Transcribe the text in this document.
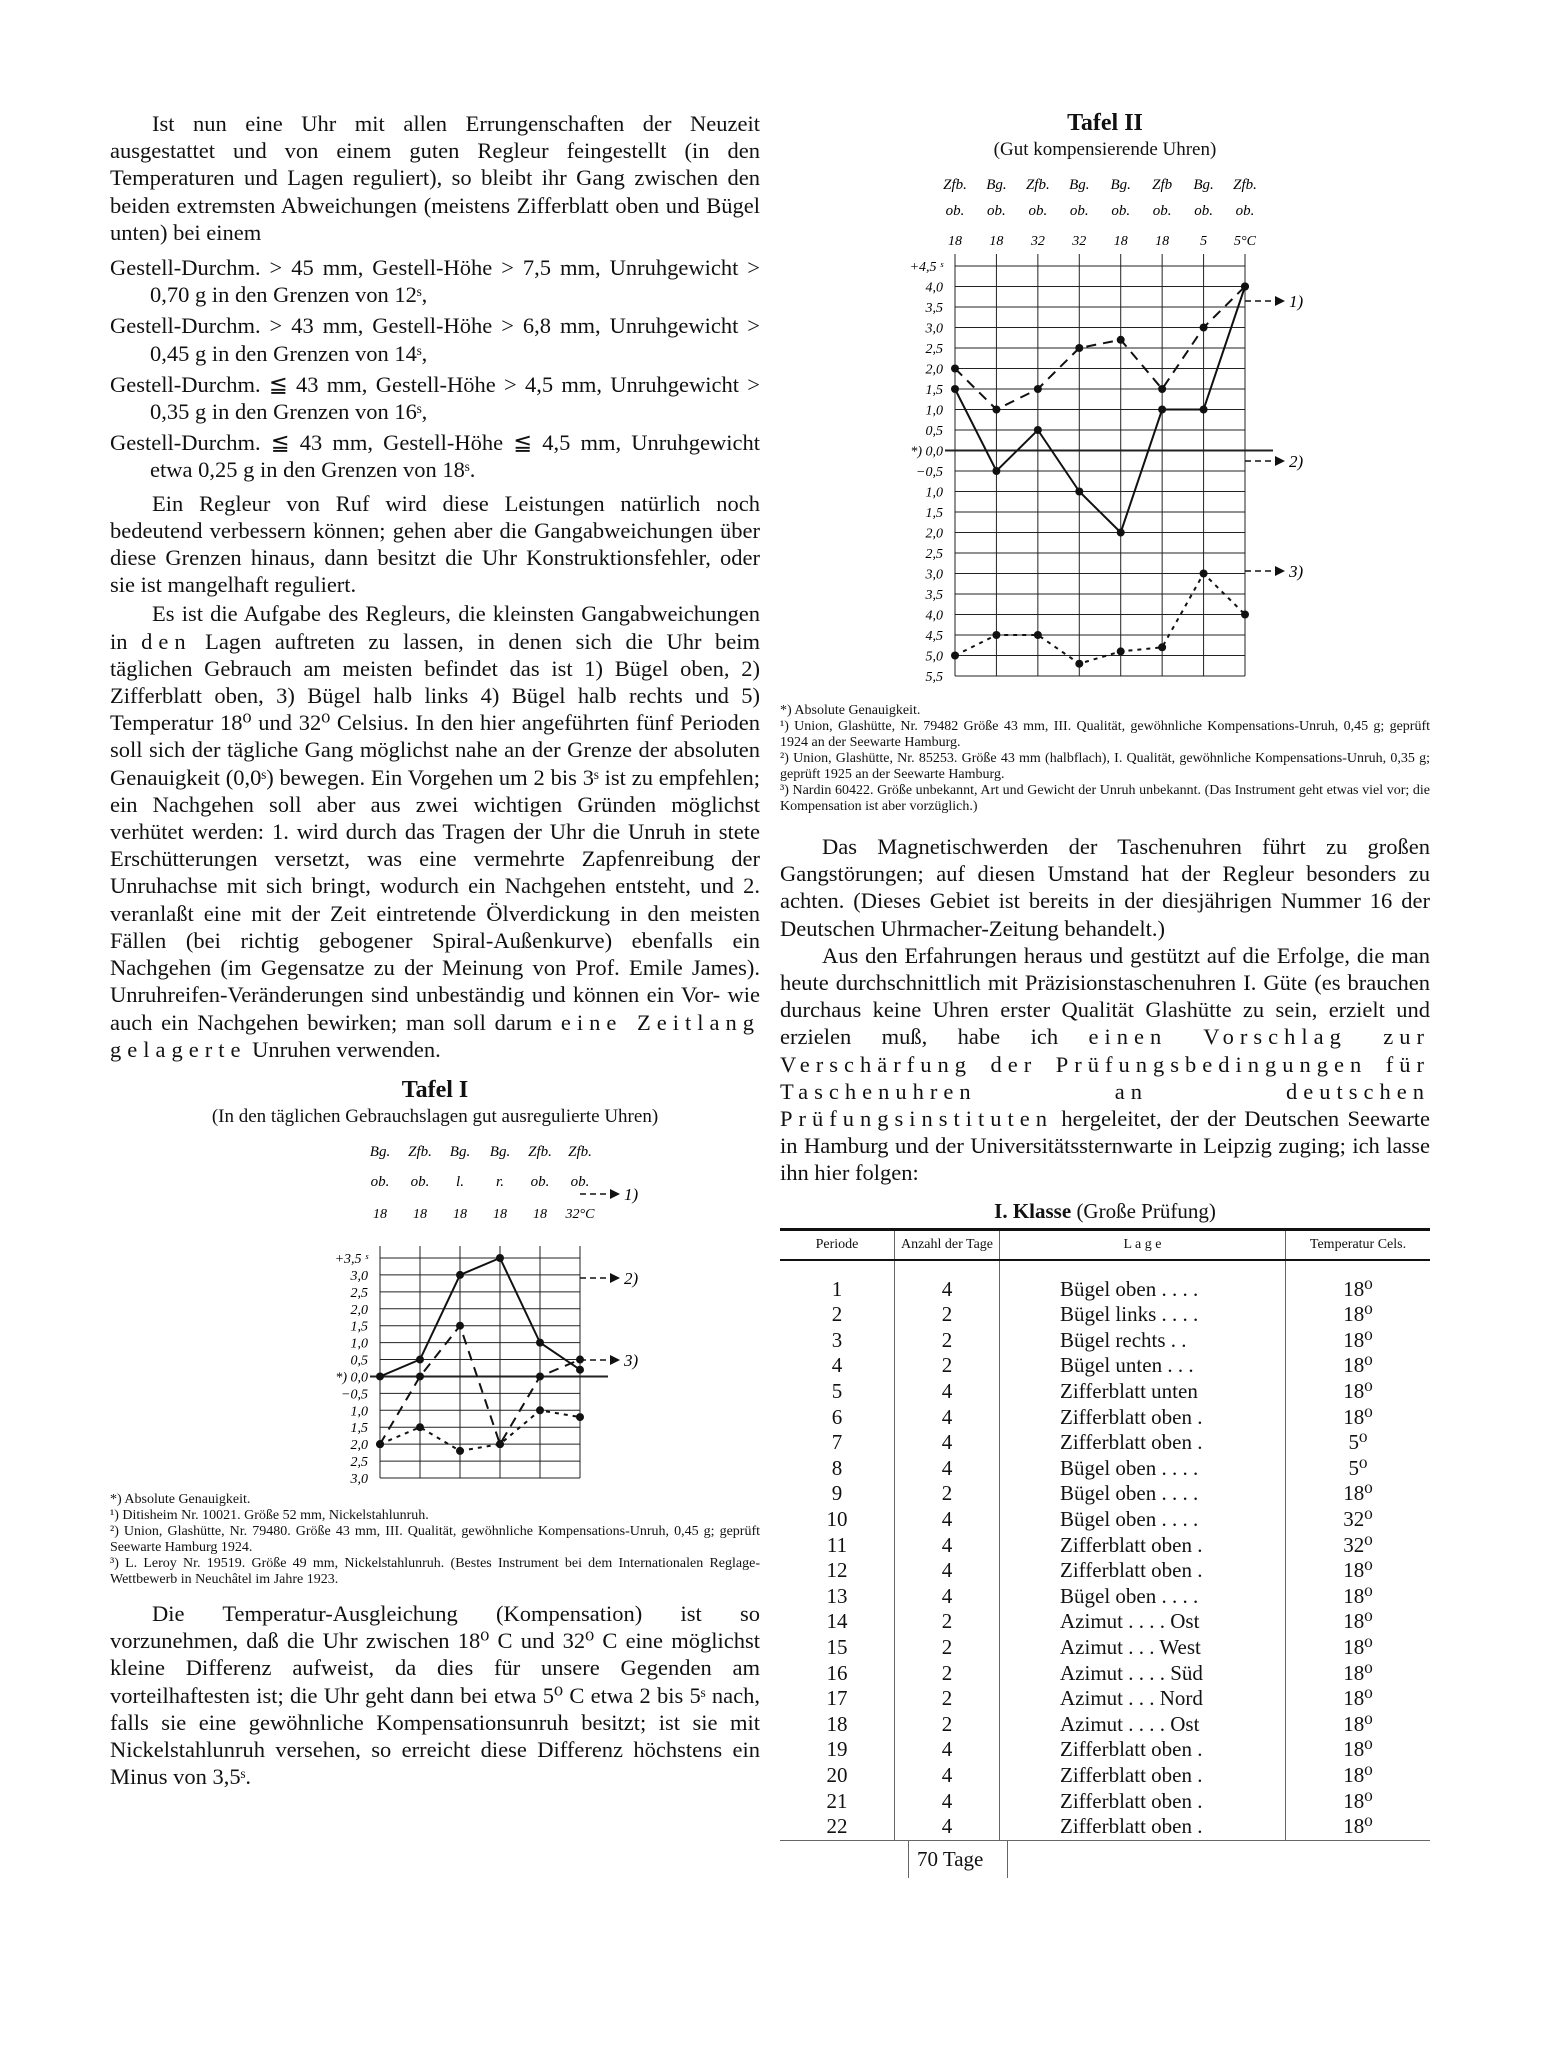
Ist nun eine Uhr mit allen Errungenschaften der Neuzeit ausgestattet und von einem guten Regleur feingestellt (in den Temperaturen und Lagen reguliert), so bleibt ihr Gang zwischen den beiden extremsten Abweichungen (meistens Zifferblatt oben und Bügel unten) bei einem

Gestell-Durchm. > 45 mm, Gestell-Höhe > 7,5 mm, Unruhgewicht > 0,70 g in den Grenzen von 12ˢ,

Gestell-Durchm. > 43 mm, Gestell-Höhe > 6,8 mm, Unruhgewicht > 0,45 g in den Grenzen von 14ˢ,

Gestell-Durchm. ≦ 43 mm, Gestell-Höhe > 4,5 mm, Unruhgewicht > 0,35 g in den Grenzen von 16ˢ,

Gestell-Durchm. ≦ 43 mm, Gestell-Höhe ≦ 4,5 mm, Unruhgewicht etwa 0,25 g in den Grenzen von 18ˢ.

Ein Regleur von Ruf wird diese Leistungen natürlich noch bedeutend verbessern können; gehen aber die Gangabweichungen über diese Grenzen hinaus, dann besitzt die Uhr Konstruktionsfehler, oder sie ist mangelhaft reguliert.

Es ist die Aufgabe des Regleurs, die kleinsten Gangabweichungen in den Lagen auftreten zu lassen, in denen sich die Uhr beim täglichen Gebrauch am meisten befindet das ist 1) Bügel oben, 2) Zifferblatt oben, 3) Bügel halb links 4) Bügel halb rechts und 5) Temperatur 18⁰ und 32⁰ Celsius. In den hier angeführten fünf Perioden soll sich der tägliche Gang möglichst nahe an der Grenze der absoluten Genauigkeit (0,0ˢ) bewegen. Ein Vorgehen um 2 bis 3ˢ ist zu empfehlen; ein Nachgehen soll aber aus zwei wichtigen Gründen möglichst verhütet werden: 1. wird durch das Tragen der Uhr die Unruh in stete Erschütterungen versetzt, was eine vermehrte Zapfenreibung der Unruhachse mit sich bringt, wodurch ein Nachgehen entsteht, und 2. veranlaßt eine mit der Zeit eintretende Ölverdickung in den meisten Fällen (bei richtig gebogener Spiral-Außenkurve) ebenfalls ein Nachgehen (im Gegensatze zu der Meinung von Prof. Emile James). Unruhreifen-Veränderungen sind unbeständig und können ein Vor- wie auch ein Nachgehen bewirken; man soll darum eine Zeitlang gelagerte Unruhen verwenden.

Tafel I
(In den täglichen Gebrauchslagen gut ausregulierte Uhren)
Bg.
ob.
18
Zfb.
ob.
18
Bg.
l.
18
Bg.
r.
18
Zfb.
ob.
18
Zfb.
ob.
32°C
+3,5 ˢ
3,0
2,5
2,0
1,5
1,0
0,5
*) 0,0
−0,5
1,0
1,5
2,0
2,5
3,0
1)
2)
3)

*) Absolute Genauigkeit.

¹) Ditisheim Nr. 10021. Größe 52 mm, Nickelstahlunruh.

²) Union, Glashütte, Nr. 79480. Größe 43 mm, III. Qualität, gewöhnliche Kompensations-Unruh, 0,45 g; geprüft Seewarte Hamburg 1924.

³) L. Leroy Nr. 19519. Größe 49 mm, Nickelstahlunruh. (Bestes Instrument bei dem Internationalen Reglage-Wettbewerb in Neuchâtel im Jahre 1923.

Die Temperatur-Ausgleichung (Kompensation) ist so vorzunehmen, daß die Uhr zwischen 18⁰ C und 32⁰ C eine möglichst kleine Differenz aufweist, da dies für unsere Gegenden am vorteilhaftesten ist; die Uhr geht dann bei etwa 5⁰ C etwa 2 bis 5ˢ nach, falls sie eine gewöhnliche Kompensationsunruh besitzt; ist sie mit Nickelstahlunruh versehen, so erreicht diese Differenz höchstens ein Minus von 3,5ˢ.

Tafel II
(Gut kompensierende Uhren)
Zfb.
ob.
18
Bg.
ob.
18
Zfb.
ob.
32
Bg.
ob.
32
Bg.
ob.
18
Zfb
ob.
18
Bg.
ob.
5
Zfb.
ob.
5°C
+4,5 ˢ
4,0
3,5
3,0
2,5
2,0
1,5
1,0
0,5
*) 0,0
−0,5
1,0
1,5
2,0
2,5
3,0
3,5
4,0
4,5
5,0
5,5
1)
2)
3)

*) Absolute Genauigkeit.

¹) Union, Glashütte, Nr. 79482 Größe 43 mm, III. Qualität, gewöhnliche Kompensations-Unruh, 0,45 g; geprüft 1924 an der Seewarte Hamburg.

²) Union, Glashütte, Nr. 85253. Größe 43 mm (halbflach), I. Qualität, gewöhnliche Kompensations-Unruh, 0,35 g; geprüft 1925 an der Seewarte Hamburg.

³) Nardin 60422. Größe unbekannt, Art und Gewicht der Unruh unbekannt. (Das Instrument geht etwas viel vor; die Kompensation ist aber vorzüglich.)

Das Magnetischwerden der Taschenuhren führt zu großen Gangstörungen; auf diesen Umstand hat der Regleur besonders zu achten. (Dieses Gebiet ist bereits in der diesjährigen Nummer 16 der Deutschen Uhrmacher-Zeitung behandelt.)

Aus den Erfahrungen heraus und gestützt auf die Erfolge, die man heute durchschnittlich mit Präzisionstaschenuhren I. Güte (es brauchen durchaus keine Uhren erster Qualität Glashütte zu sein, erzielt und erzielen muß, habe ich einen Vorschlag zur Verschärfung der Prüfungsbedingungen für Taschenuhren an deutschen Prüfungsinstituten hergeleitet, der der Deutschen Seewarte in Hamburg und der Universitätssternwarte in Leipzig zuging; ich lasse ihn hier folgen:

I. Klasse (Große Prüfung)
Periode	Anzahl der Tage	L a g e	Temperatur Cels.
1	4	Bügel oben . . . .	18⁰
2	2	Bügel links . . . .	18⁰
3	2	Bügel rechts . .	18⁰
4	2	Bügel unten . . .	18⁰
5	4	Zifferblatt unten	18⁰
6	4	Zifferblatt oben .	18⁰
7	4	Zifferblatt oben .	5⁰
8	4	Bügel oben . . . .	5⁰
9	2	Bügel oben . . . .	18⁰
10	4	Bügel oben . . . .	32⁰
11	4	Zifferblatt oben .	32⁰
12	4	Zifferblatt oben .	18⁰
13	4	Bügel oben . . . .	18⁰
14	2	Azimut . . . . Ost	18⁰
15	2	Azimut . . . West	18⁰
16	2	Azimut . . . . Süd	18⁰
17	2	Azimut . . . Nord	18⁰
18	2	Azimut . . . . Ost	18⁰
19	4	Zifferblatt oben .	18⁰
20	4	Zifferblatt oben .	18⁰
21	4	Zifferblatt oben .	18⁰
22	4	Zifferblatt oben .	18⁰
70 Tage
